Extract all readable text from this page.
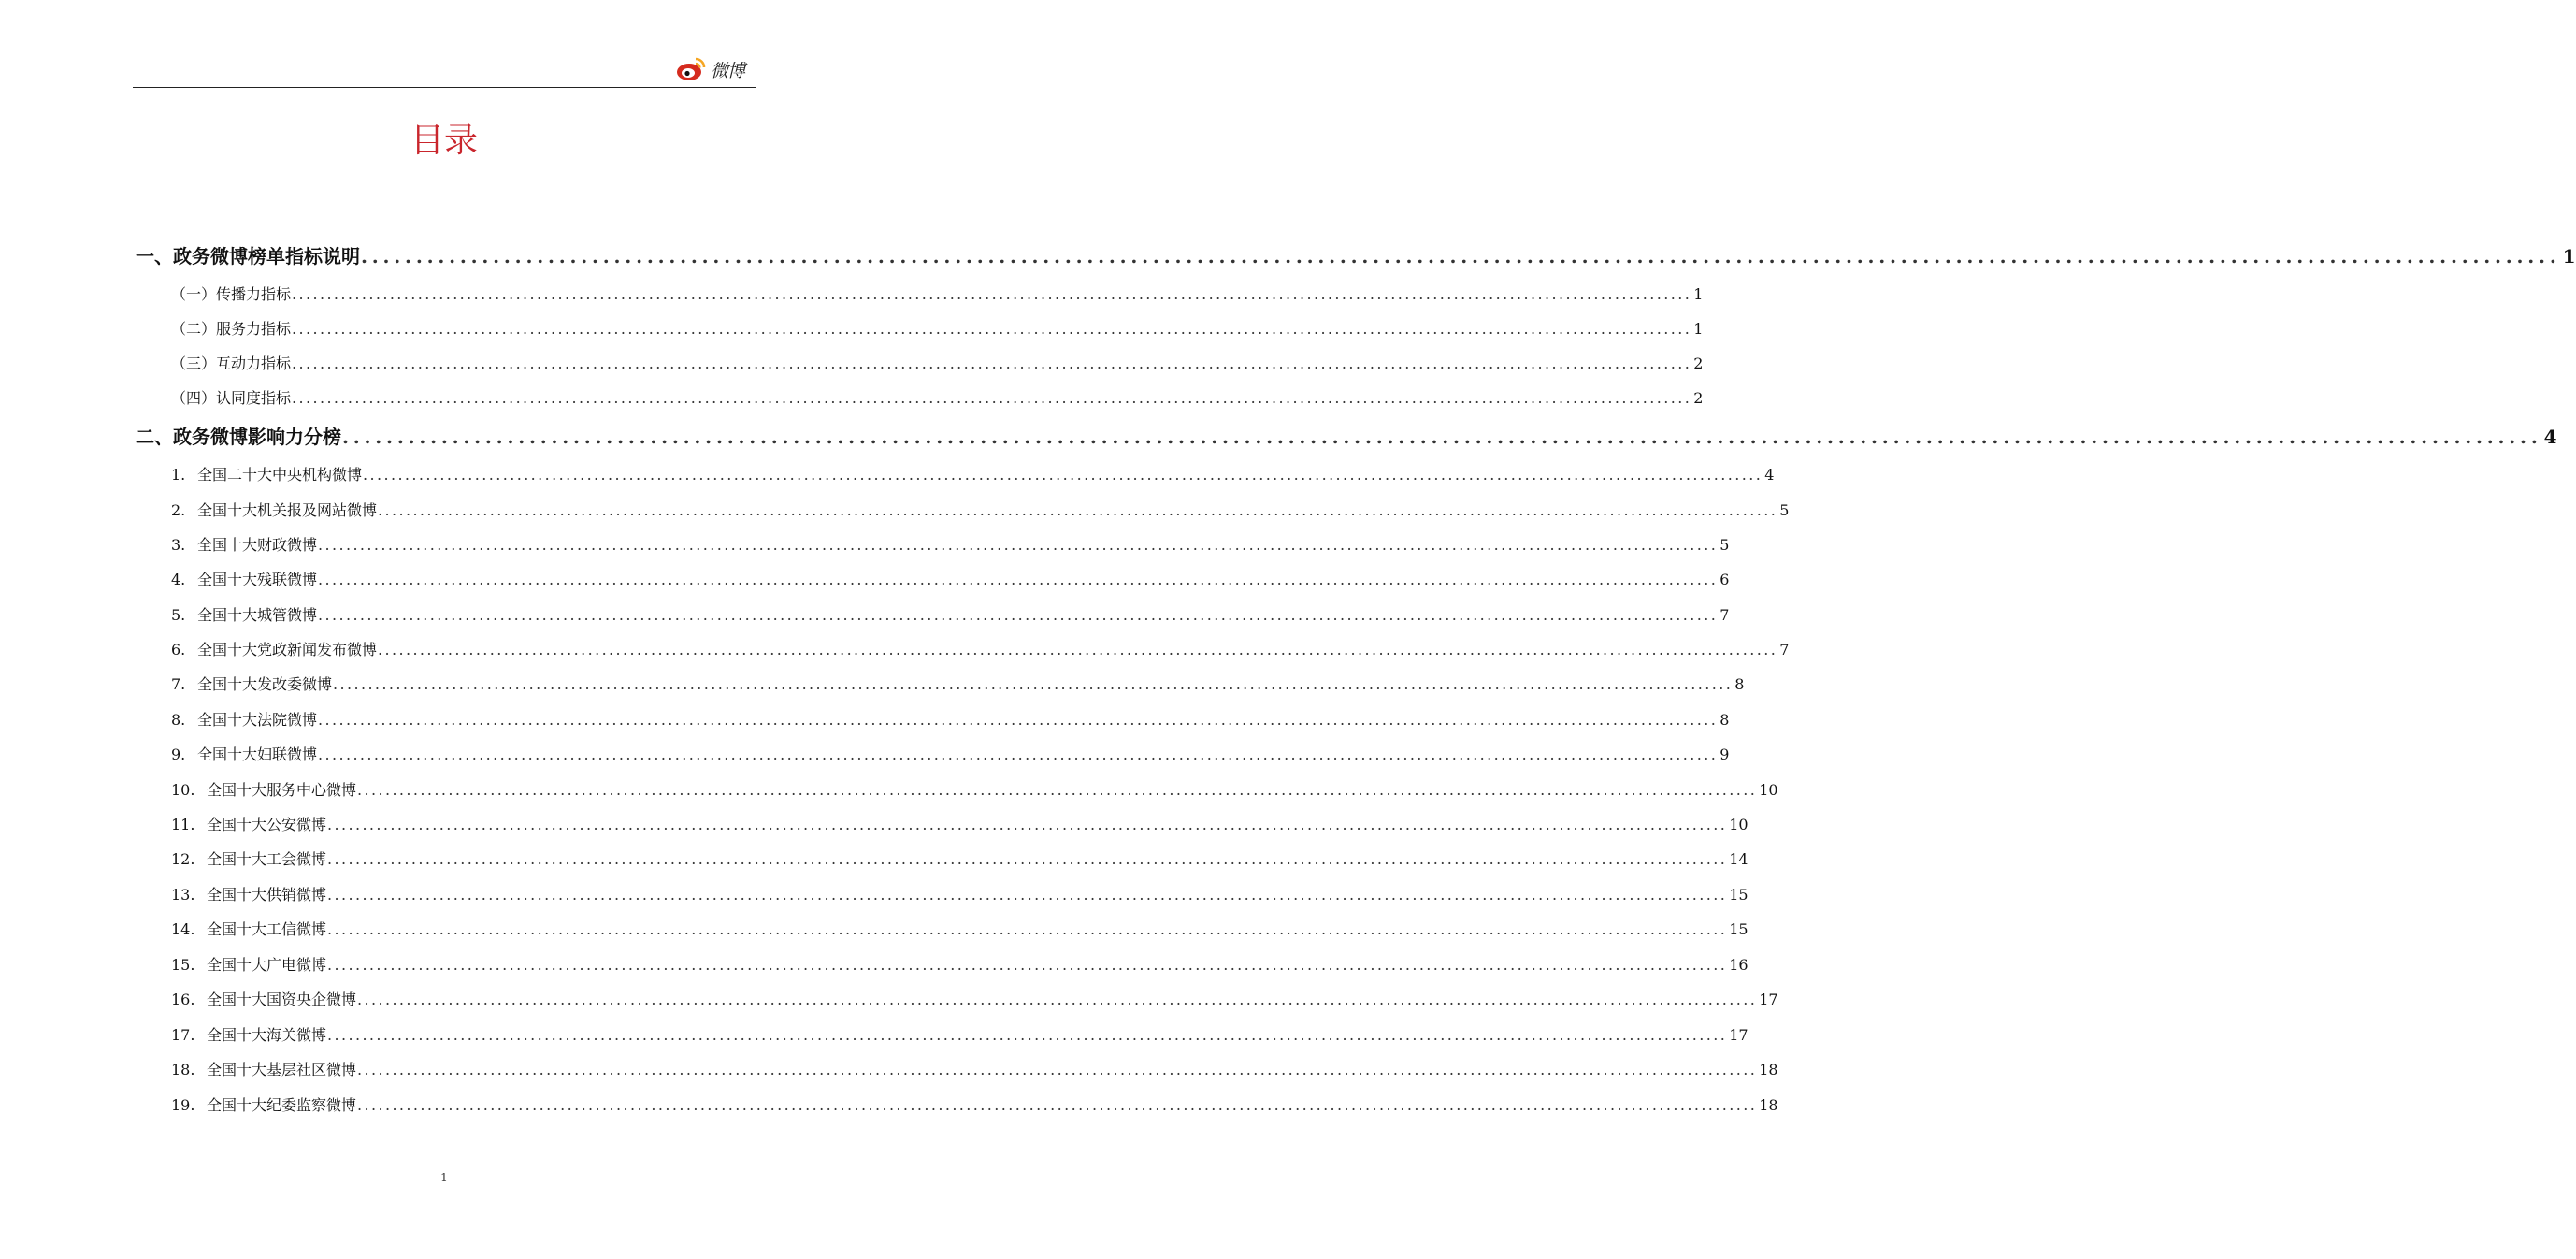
微博
目录
一、政务微博榜单指标说明 ........................................................................................................................................................................................................ 1
（一）传播力指标 ........................................................................................................................................................................................................ 1
（二）服务力指标 ........................................................................................................................................................................................................ 1
（三）互动力指标 ........................................................................................................................................................................................................ 2
（四）认同度指标 ........................................................................................................................................................................................................ 2
二、政务微博影响力分榜 ........................................................................................................................................................................................................ 4
1. 全国二十大中央机构微博 ........................................................................................................................................................................................................ 4
2. 全国十大机关报及网站微博 ........................................................................................................................................................................................................ 5
3. 全国十大财政微博 ........................................................................................................................................................................................................ 5
4. 全国十大残联微博 ........................................................................................................................................................................................................ 6
5. 全国十大城管微博 ........................................................................................................................................................................................................ 7
6. 全国十大党政新闻发布微博 ........................................................................................................................................................................................................ 7
7. 全国十大发改委微博 ........................................................................................................................................................................................................ 8
8. 全国十大法院微博 ........................................................................................................................................................................................................ 8
9. 全国十大妇联微博 ........................................................................................................................................................................................................ 9
10. 全国十大服务中心微博 ........................................................................................................................................................................................................ 10
11. 全国十大公安微博 ........................................................................................................................................................................................................ 10
12. 全国十大工会微博 ........................................................................................................................................................................................................ 14
13. 全国十大供销微博 ........................................................................................................................................................................................................ 15
14. 全国十大工信微博 ........................................................................................................................................................................................................ 15
15. 全国十大广电微博 ........................................................................................................................................................................................................ 16
16. 全国十大国资央企微博 ........................................................................................................................................................................................................ 17
17. 全国十大海关微博 ........................................................................................................................................................................................................ 17
18. 全国十大基层社区微博 ........................................................................................................................................................................................................ 18
19. 全国十大纪委监察微博 ........................................................................................................................................................................................................ 18
1
